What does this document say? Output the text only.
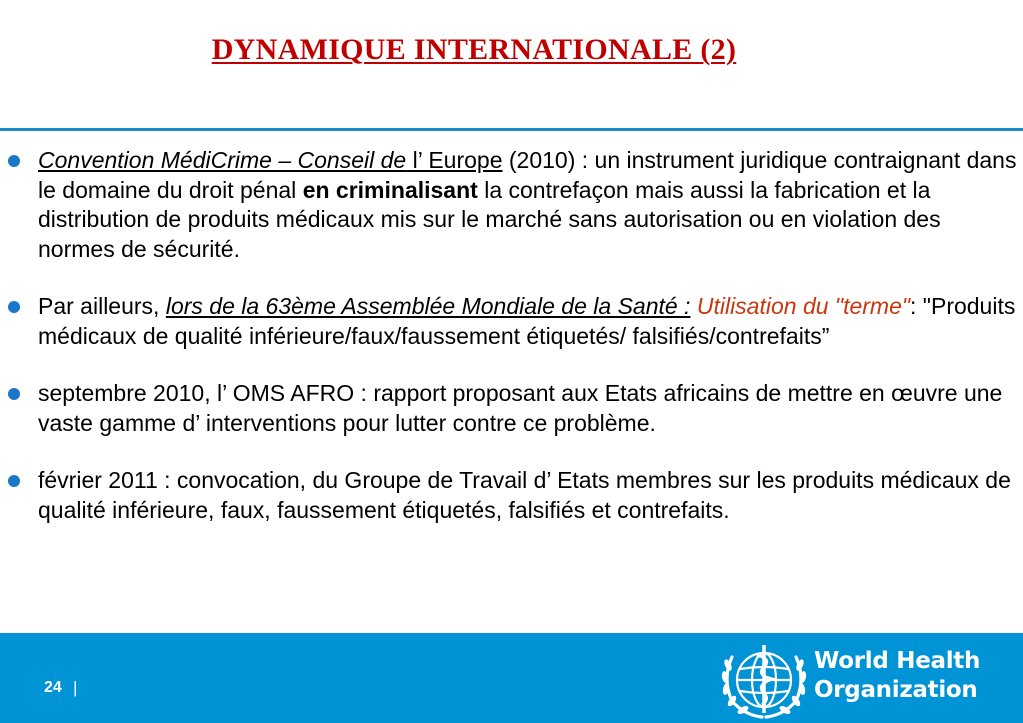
DYNAMIQUE INTERNATIONALE (2)
Convention MédiCrime – Conseil de l’ Europe (2010) : un instrument juridique contraignant dans le domaine du droit pénal en criminalisant la contrefaçon mais aussi la fabrication et la distribution de produits médicaux mis sur le marché sans autorisation ou en violation des normes de sécurité.
Par ailleurs, lors de la 63ème Assemblée Mondiale de la Santé : Utilisation du "terme": "Produits médicaux de qualité inférieure/faux/faussement étiquetés/ falsifiés/contrefaits”
septembre 2010, l’ OMS AFRO : rapport proposant aux Etats africains de mettre en œuvre une vaste gamme d’ interventions pour lutter contre ce problème.
février 2011 : convocation, du Groupe de Travail d’ Etats membres sur les produits médicaux de qualité inférieure, faux, faussement étiquetés, falsifiés et contrefaits.
24 |
World Health
Organization
